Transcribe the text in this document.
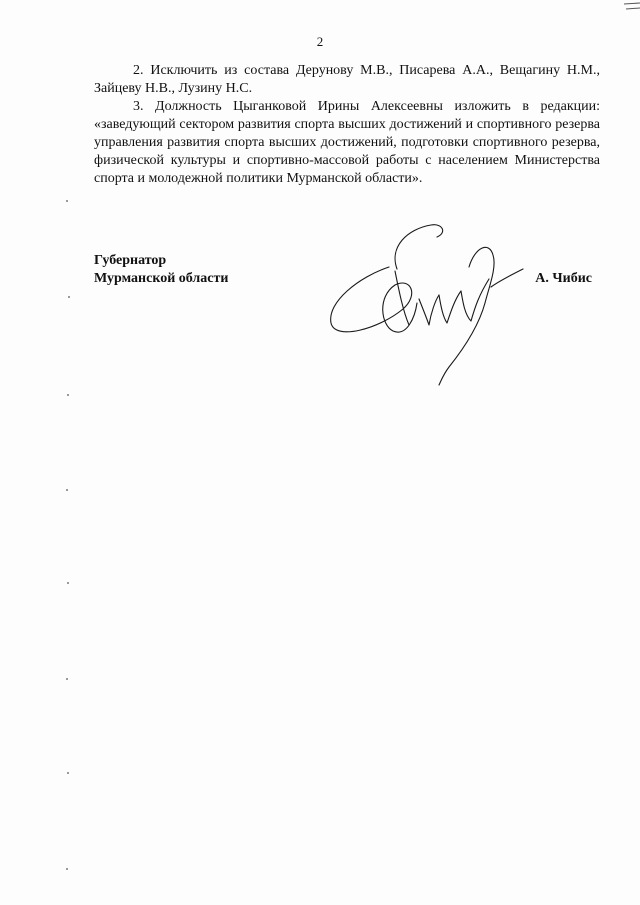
2

2. Исключить из состава Дерунову М.В., Писарева А.А., Вещагину Н.М., Зайцеву Н.В., Лузину Н.С.

3. Должность Цыганковой Ирины Алексеевны изложить в редакции: «заведующий сектором развития спорта высших достижений и спортивного резерва управления развития спорта высших достижений, подготовки спортивного резерва, физической культуры и спортивно-массовой работы с населением Министерства спорта и молодежной политики Мурманской области».

Губернатор
Мурманской области	А. Чибис
